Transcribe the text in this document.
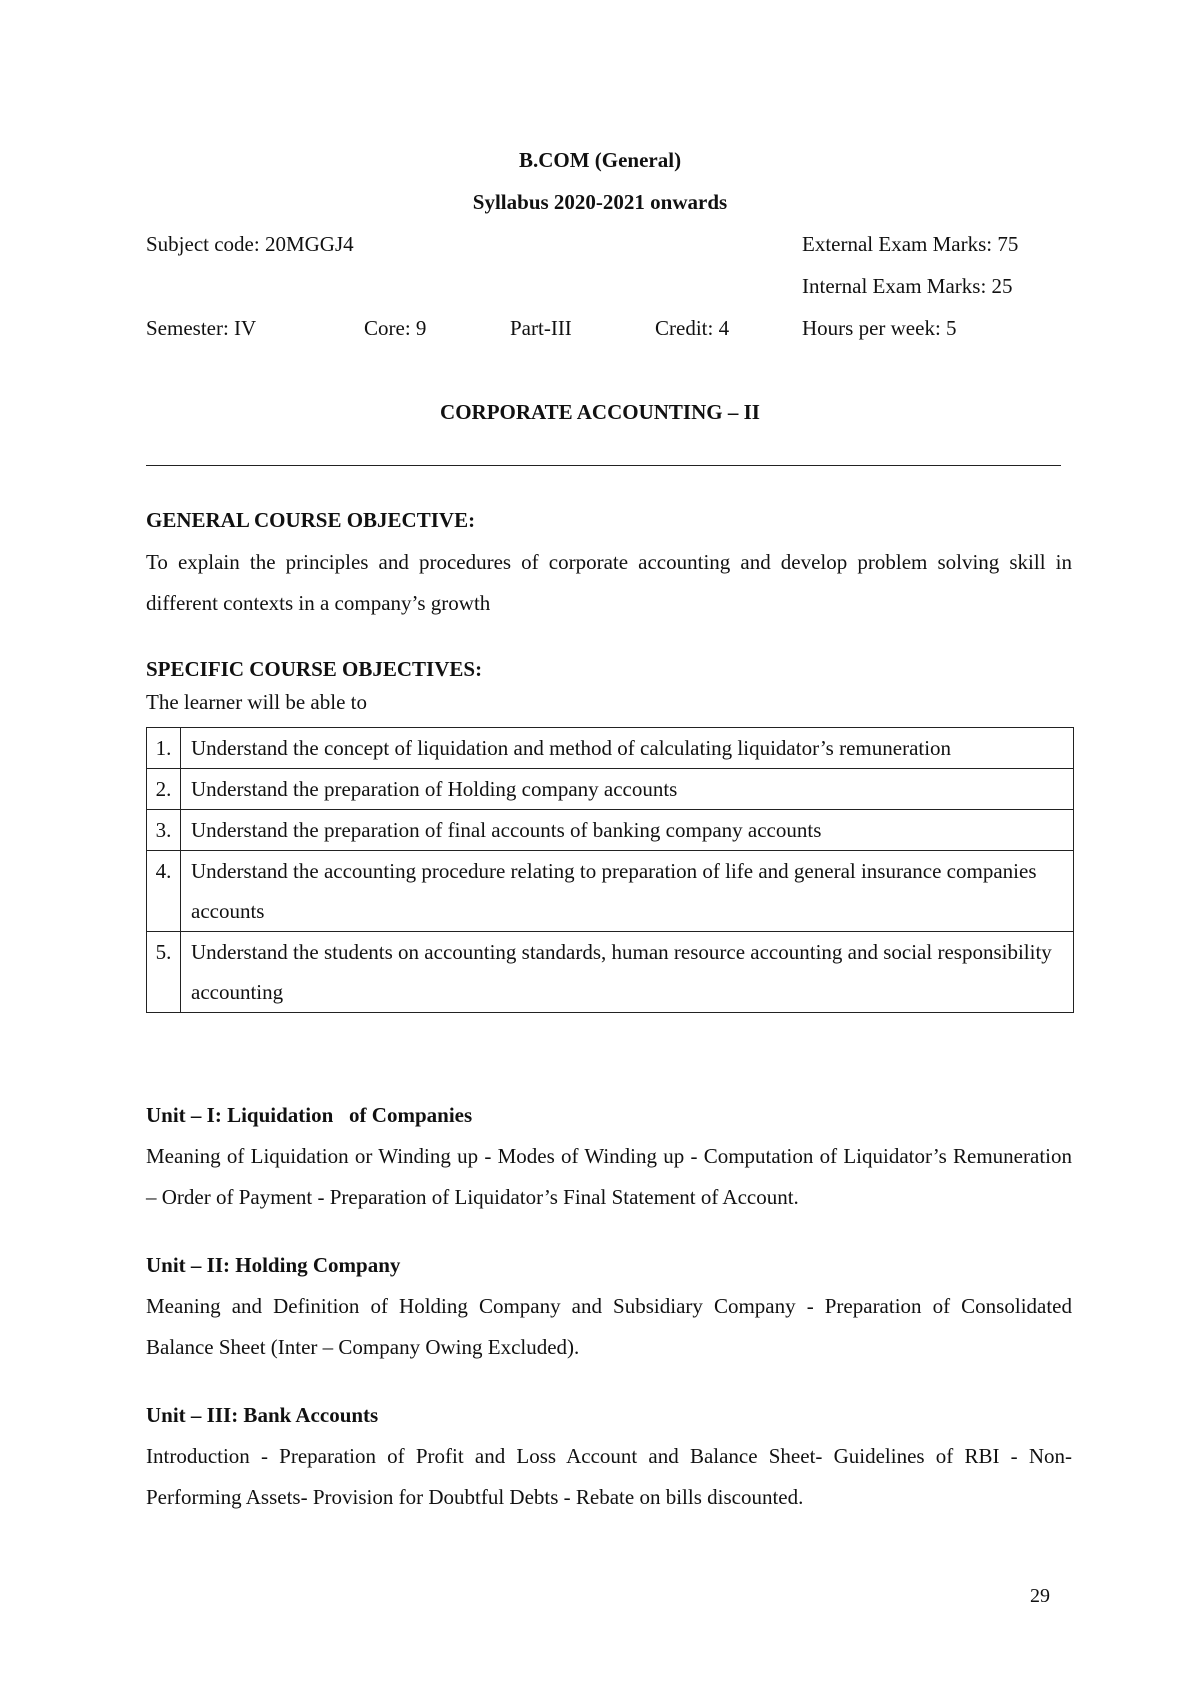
B.COM (General)
Syllabus 2020-2021 onwards
Subject code: 20MGGJ4	External Exam Marks: 75
Internal Exam Marks: 25
Semester: IV	Core: 9	Part-III	Credit: 4	Hours per week: 5
CORPORATE ACCOUNTING – II
GENERAL COURSE OBJECTIVE:
To explain the principles and procedures of corporate accounting and develop problem solving skill in different contexts in a company’s growth
SPECIFIC COURSE OBJECTIVES:
The learner will be able to
1.	Understand the concept of liquidation and method of calculating liquidator’s remuneration
2.	Understand the preparation of Holding company accounts
3.	Understand the preparation of final accounts of banking company accounts
4.	Understand the accounting procedure relating to preparation of life and general insurance companies accounts
5.	Understand the students on accounting standards, human resource accounting and social responsibility accounting
Unit – I: Liquidation   of Companies
Meaning of Liquidation or Winding up - Modes of Winding up - Computation of Liquidator’s Remuneration – Order of Payment - Preparation of Liquidator’s Final Statement of Account.
Unit – II: Holding Company
Meaning and Definition of Holding Company and Subsidiary Company - Preparation of Consolidated Balance Sheet (Inter – Company Owing Excluded).
Unit – III: Bank Accounts
Introduction - Preparation of Profit and Loss Account and Balance Sheet- Guidelines of RBI - Non- Performing Assets- Provision for Doubtful Debts - Rebate on bills discounted.
29
